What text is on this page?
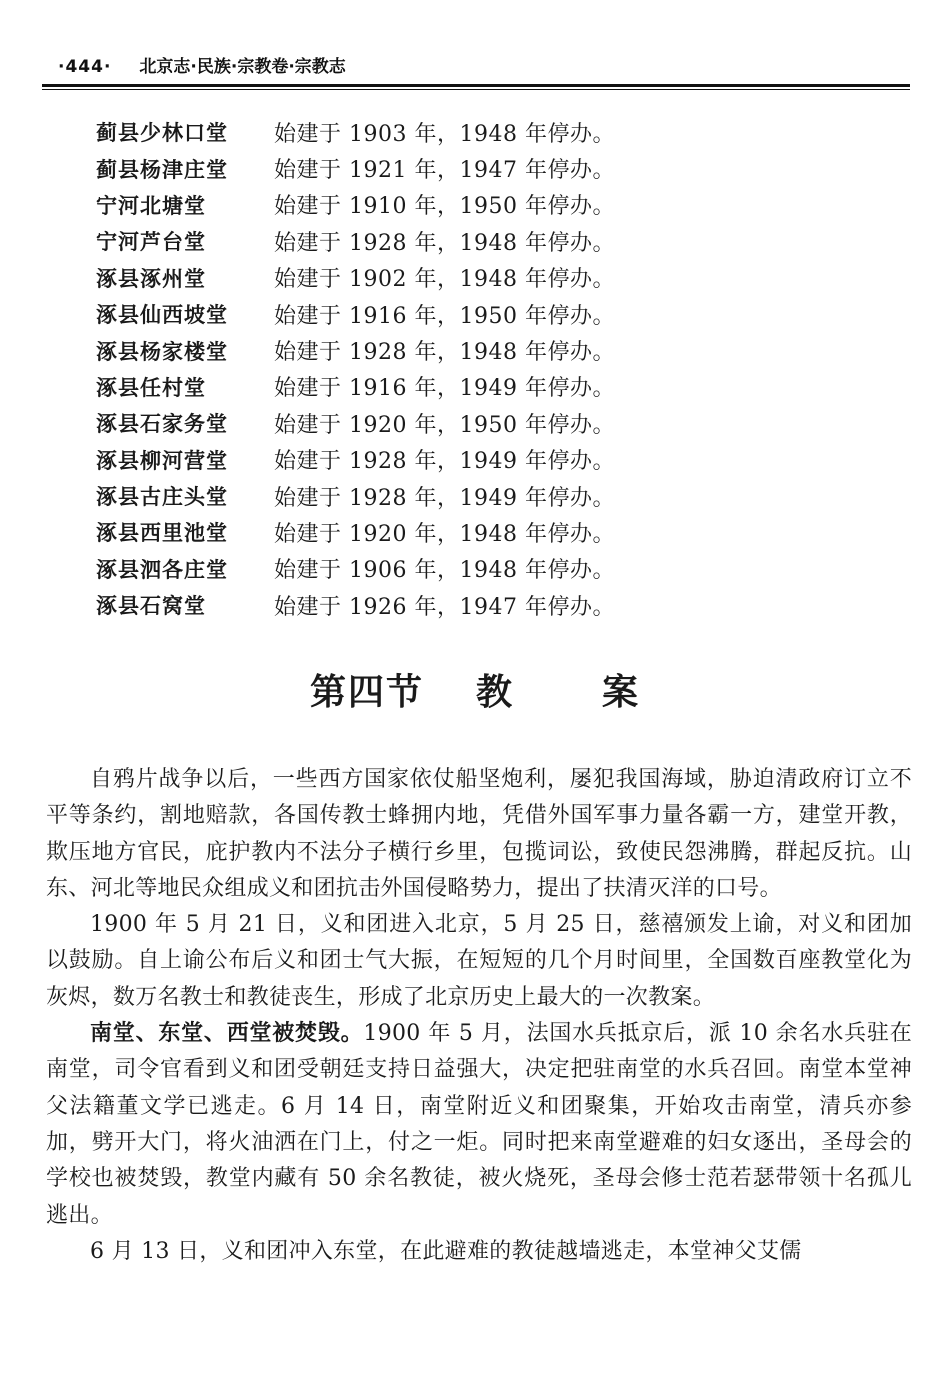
·444· 北京志·民族·宗教卷·宗教志
蓟县少林口堂	始建于 1903 年，1948 年停办。
蓟县杨津庄堂	始建于 1921 年，1947 年停办。
宁河北塘堂	始建于 1910 年，1950 年停办。
宁河芦台堂	始建于 1928 年，1948 年停办。
涿县涿州堂	始建于 1902 年，1948 年停办。
涿县仙西坡堂	始建于 1916 年，1950 年停办。
涿县杨家楼堂	始建于 1928 年，1948 年停办。
涿县任村堂	始建于 1916 年，1949 年停办。
涿县石家务堂	始建于 1920 年，1950 年停办。
涿县柳河营堂	始建于 1928 年，1949 年停办。
涿县古庄头堂	始建于 1928 年，1949 年停办。
涿县西里池堂	始建于 1920 年，1948 年停办。
涿县泗各庄堂	始建于 1906 年，1948 年停办。
涿县石窝堂	始建于 1926 年，1947 年停办。
第四节 教 案

自鸦片战争以后，一些西方国家依仗船坚炮利，屡犯我国海域，胁迫清政府订立不平等条约，割地赔款，各国传教士蜂拥内地，凭借外国军事力量各霸一方，建堂开教，欺压地方官民，庇护教内不法分子横行乡里，包揽词讼，致使民怨沸腾，群起反抗。山东、河北等地民众组成义和团抗击外国侵略势力，提出了扶清灭洋的口号。

1900 年 5 月 21 日，义和团进入北京，5 月 25 日，慈禧颁发上谕，对义和团加以鼓励。自上谕公布后义和团士气大振，在短短的几个月时间里，全国数百座教堂化为灰烬，数万名教士和教徒丧生，形成了北京历史上最大的一次教案。

南堂、东堂、西堂被焚毁。1900 年 5 月，法国水兵抵京后，派 10 余名水兵驻在南堂，司令官看到义和团受朝廷支持日益强大，决定把驻南堂的水兵召回。南堂本堂神父法籍董文学已逃走。6 月 14 日，南堂附近义和团聚集，开始攻击南堂，清兵亦参加，劈开大门，将火油洒在门上，付之一炬。同时把来南堂避难的妇女逐出，圣母会的学校也被焚毁，教堂内藏有 50 余名教徒，被火烧死，圣母会修士范若瑟带领十名孤儿逃出。

6 月 13 日，义和团冲入东堂，在此避难的教徒越墙逃走，本堂神父艾儒
